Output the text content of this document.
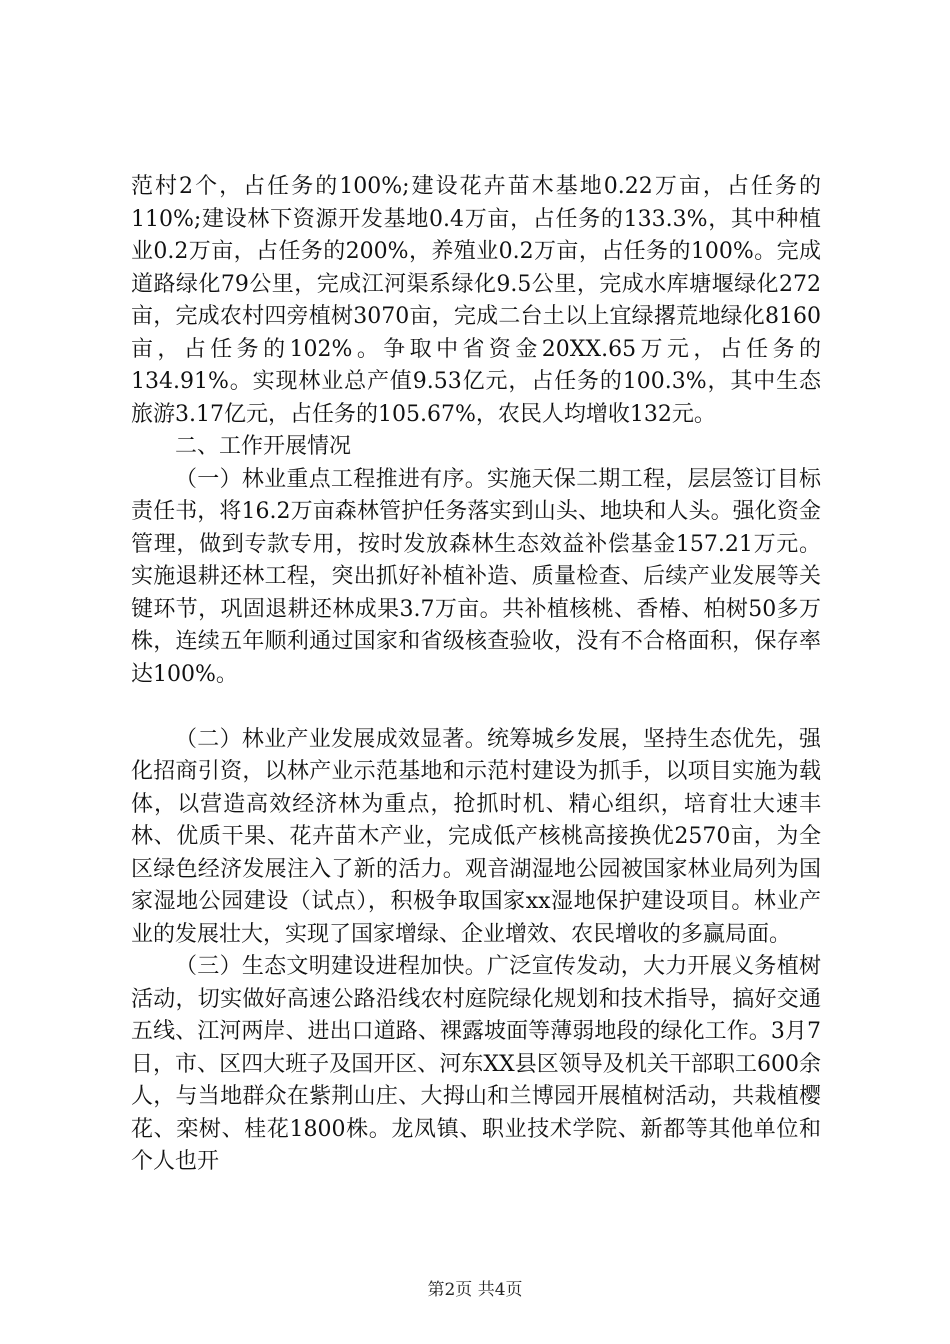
范村2个，占任务的100%;建设花卉苗木基地0.22万亩，占任务的110%;建设林下资源开发基地0.4万亩，占任务的133.3%，其中种植业0.2万亩，占任务的200%，养殖业0.2万亩，占任务的100%。完成道路绿化79公里，完成江河渠系绿化9.5公里，完成水库塘堰绿化272亩，完成农村四旁植树3070亩，完成二台土以上宜绿撂荒地绿化8160亩，占任务的102%。争取中省资金20XX.65万元，占任务的134.91%。实现林业总产值9.53亿元，占任务的100.3%，其中生态旅游3.17亿元，占任务的105.67%，农民人均增收132元。

二、工作开展情况

（一）林业重点工程推进有序。实施天保二期工程，层层签订目标责任书，将16.2万亩森林管护任务落实到山头、地块和人头。强化资金管理，做到专款专用，按时发放森林生态效益补偿基金157.21万元。实施退耕还林工程，突出抓好补植补造、质量检查、后续产业发展等关键环节，巩固退耕还林成果3.7万亩。共补植核桃、香椿、柏树50多万株，连续五年顺利通过国家和省级核查验收，没有不合格面积，保存率达100%。

（二）林业产业发展成效显著。统筹城乡发展，坚持生态优先，强化招商引资，以林产业示范基地和示范村建设为抓手，以项目实施为载体，以营造高效经济林为重点，抢抓时机、精心组织，培育壮大速丰林、优质干果、花卉苗木产业，完成低产核桃高接换优2570亩，为全区绿色经济发展注入了新的活力。观音湖湿地公园被国家林业局列为国家湿地公园建设（试点），积极争取国家xx湿地保护建设项目。林业产业的发展壮大，实现了国家增绿、企业增效、农民增收的多赢局面。

（三）生态文明建设进程加快。广泛宣传发动，大力开展义务植树活动，切实做好高速公路沿线农村庭院绿化规划和技术指导，搞好交通五线、江河两岸、进出口道路、裸露坡面等薄弱地段的绿化工作。3月7日，市、区四大班子及国开区、河东XX县区领导及机关干部职工600余人，与当地群众在紫荆山庄、大拇山和兰博园开展植树活动，共栽植樱花、栾树、桂花1800株。龙凤镇、职业技术学院、新都等其他单位和个人也开

第2页 共4页
